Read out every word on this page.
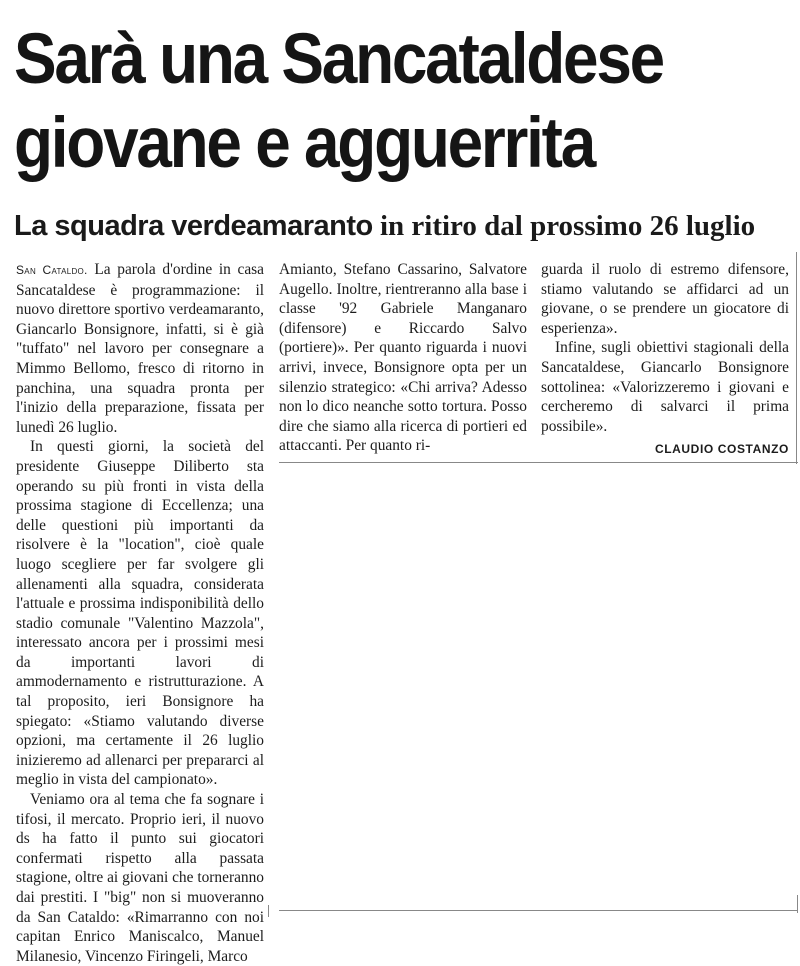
Sarà una Sancataldese
giovane e agguerrita
La squadra verdeamaranto in ritiro dal prossimo 26 luglio

San Cataldo. La parola d'ordine in casa Sancataldese è programmazione: il nuovo direttore sportivo verdeamaranto, Giancarlo Bonsignore, infatti, si è già "tuffato" nel lavoro per consegnare a Mimmo Bellomo, fresco di ritorno in panchina, una squadra pronta per l'inizio della preparazione, fissata per lunedì 26 luglio.

In questi giorni, la società del presidente Giuseppe Diliberto sta operando su più fronti in vista della prossima stagione di Eccellenza; una delle questioni più importanti da risolvere è la "location", cioè quale luogo scegliere per far svolgere gli allenamenti alla squadra, considerata l'attuale e prossima indisponibilità dello stadio comunale "Valentino Mazzola", interessato ancora per i prossimi mesi da importanti lavori di ammodernamento e ristrutturazione. A tal proposito, ieri Bonsignore ha spiegato: «Stiamo valutando diverse opzioni, ma certamente il 26 luglio inizieremo ad allenarci per prepararci al meglio in vista del campionato».

Veniamo ora al tema che fa sognare i tifosi, il mercato. Proprio ieri, il nuovo ds ha fatto il punto sui giocatori confermati rispetto alla passata stagione, oltre ai giovani che torneranno dai prestiti. I "big" non si muoveranno da San Cataldo: «Rimarranno con noi capitan Enrico Maniscalco, Manuel Milanesio, Vincenzo Firingeli, Marco

Amianto, Stefano Cassarino, Salvatore Augello. Inoltre, rientreranno alla base i classe '92 Gabriele Manganaro (difensore) e Riccardo Salvo (portiere)». Per quanto riguarda i nuovi arrivi, invece, Bonsignore opta per un silenzio strategico: «Chi arriva? Adesso non lo dico neanche sotto tortura. Posso dire che siamo alla ricerca di portieri ed attaccanti. Per quanto ri-

guarda il ruolo di estremo difensore, stiamo valutando se affidarci ad un giovane, o se prendere un giocatore di esperienza».

Infine, sugli obiettivi stagionali della Sancataldese, Giancarlo Bonsignore sottolinea: «Valorizzeremo i giovani e cercheremo di salvarci il prima possibile».

CLAUDIO COSTANZO
